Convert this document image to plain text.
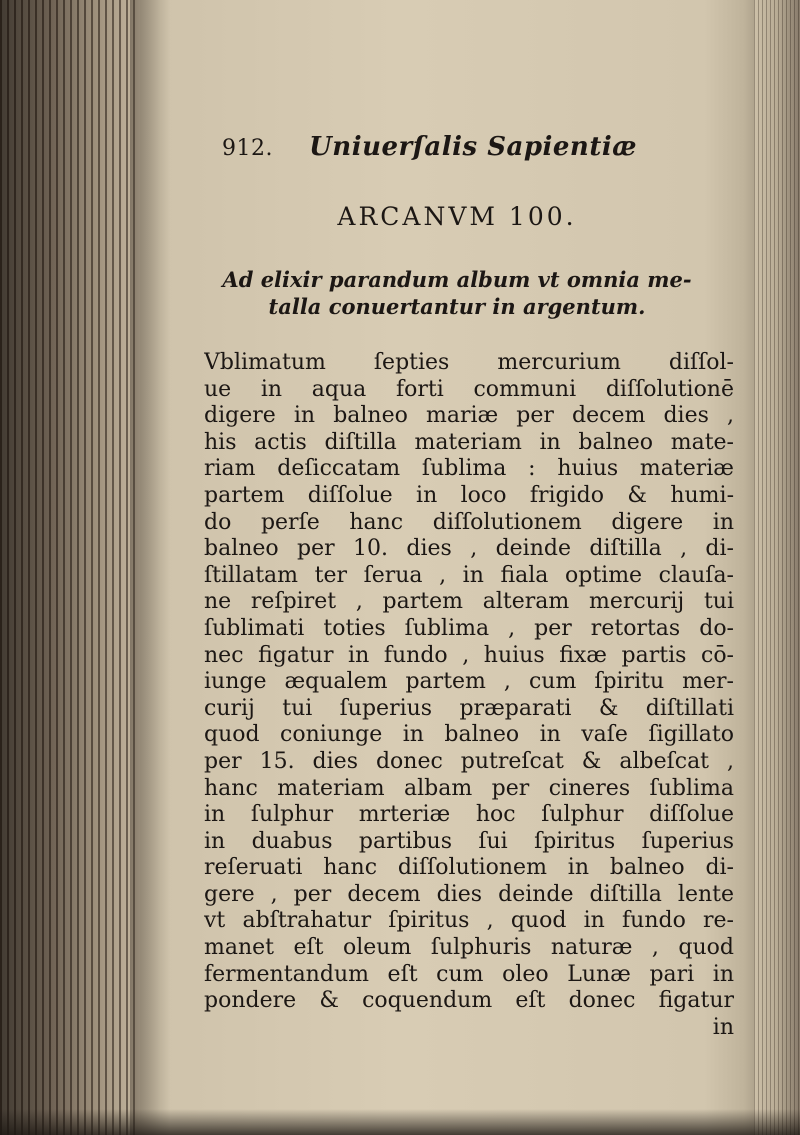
912. Uniuerſalis Sapientiæ
ARCANVM 100.
Ad elixir parandum album vt omnia me-
talla conuertantur in argentum.
Vblimatum ſepties mercurium diſſol-
ue in aqua forti communi diſſolutionē
digere in balneo mariæ per decem dies ,
his actis diſtilla materiam in balneo mate-
riam deſiccatam ſublima : huius materiæ
partem diſſolue in loco frigido & humi-
do perſe hanc diſſolutionem digere in
balneo per 10. dies , deinde diſtilla , di-
ſtillatam ter ſerua , in fiala optime clauſa-
ne reſpiret , partem alteram mercurij tui
ſublimati toties ſublima , per retortas do-
nec figatur in fundo , huius fixæ partis cō-
iunge æqualem partem , cum ſpiritu mer-
curij tui ſuperius præparati & diſtillati
quod coniunge in balneo in vaſe ſigillato
per 15. dies donec putreſcat & albeſcat ,
hanc materiam albam per cineres ſublima
in ſulphur mrteriæ hoc ſulphur diſſolue
in duabus partibus ſui ſpiritus ſuperius
reſeruati hanc diſſolutionem in balneo di-
gere , per decem dies deinde diſtilla lente
vt abſtrahatur ſpiritus , quod in fundo re-
manet eſt oleum ſulphuris naturæ , quod
fermentandum eſt cum oleo Lunæ pari in
pondere & coquendum eſt donec figatur
in
